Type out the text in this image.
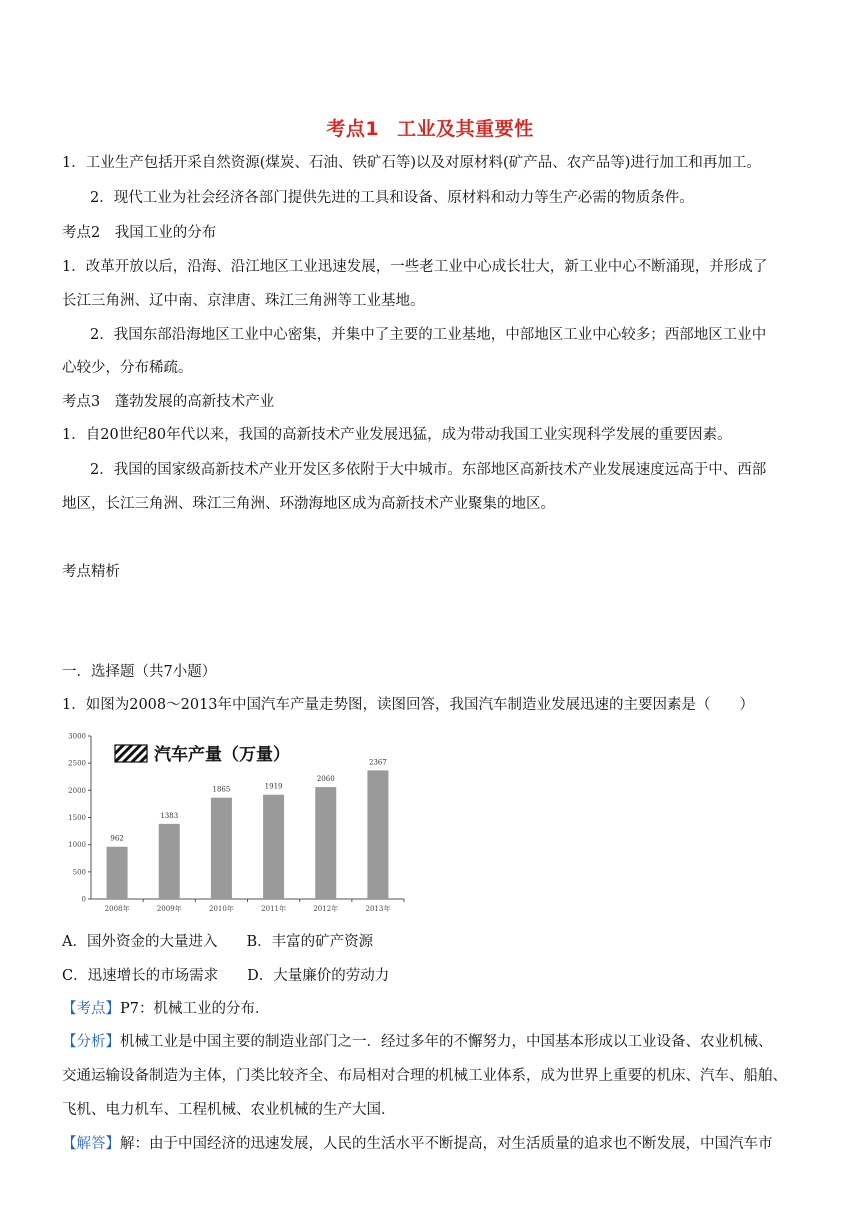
考点1 工业及其重要性
1．工业生产包括开采自然资源(煤炭、石油、铁矿石等)以及对原材料(矿产品、农产品等)进行加工和再加工。
2．现代工业为社会经济各部门提供先进的工具和设备、原材料和动力等生产必需的物质条件。
考点2　我国工业的分布
1．改革开放以后，沿海、沿江地区工业迅速发展，一些老工业中心成长壮大，新工业中心不断涌现，并形成了
长江三角洲、辽中南、京津唐、珠江三角洲等工业基地。
2．我国东部沿海地区工业中心密集，并集中了主要的工业基地，中部地区工业中心较多；西部地区工业中
心较少，分布稀疏。
考点3　蓬勃发展的高新技术产业
1．自20世纪80年代以来，我国的高新技术产业发展迅猛，成为带动我国工业实现科学发展的重要因素。
2．我国的国家级高新技术产业开发区多依附于大中城市。东部地区高新技术产业发展速度远高于中、西部
地区，长江三角洲、珠江三角洲、环渤海地区成为高新技术产业聚集的地区。
考点精析
一．选择题（共7小题）
1．如图为2008～2013年中国汽车产量走势图，读图回答，我国汽车制造业发展迅速的主要因素是（　　）
0
500
1000
1500
2000
2500
3000
962
2008年
1383
2009年
1865
2010年
1919
2011年
2060
2012年
2367
2013年
汽车产量（万量）
A．国外资金的大量进入　　B．丰富的矿产资源
C．迅速增长的市场需求　　D．大量廉价的劳动力
【考点】P7：机械工业的分布．
【分析】机械工业是中国主要的制造业部门之一．经过多年的不懈努力，中国基本形成以工业设备、农业机械、
交通运输设备制造为主体，门类比较齐全、布局相对合理的机械工业体系，成为世界上重要的机床、汽车、船舶、
飞机、电力机车、工程机械、农业机械的生产大国．
【解答】解：由于中国经济的迅速发展，人民的生活水平不断提高，对生活质量的追求也不断发展，中国汽车市
